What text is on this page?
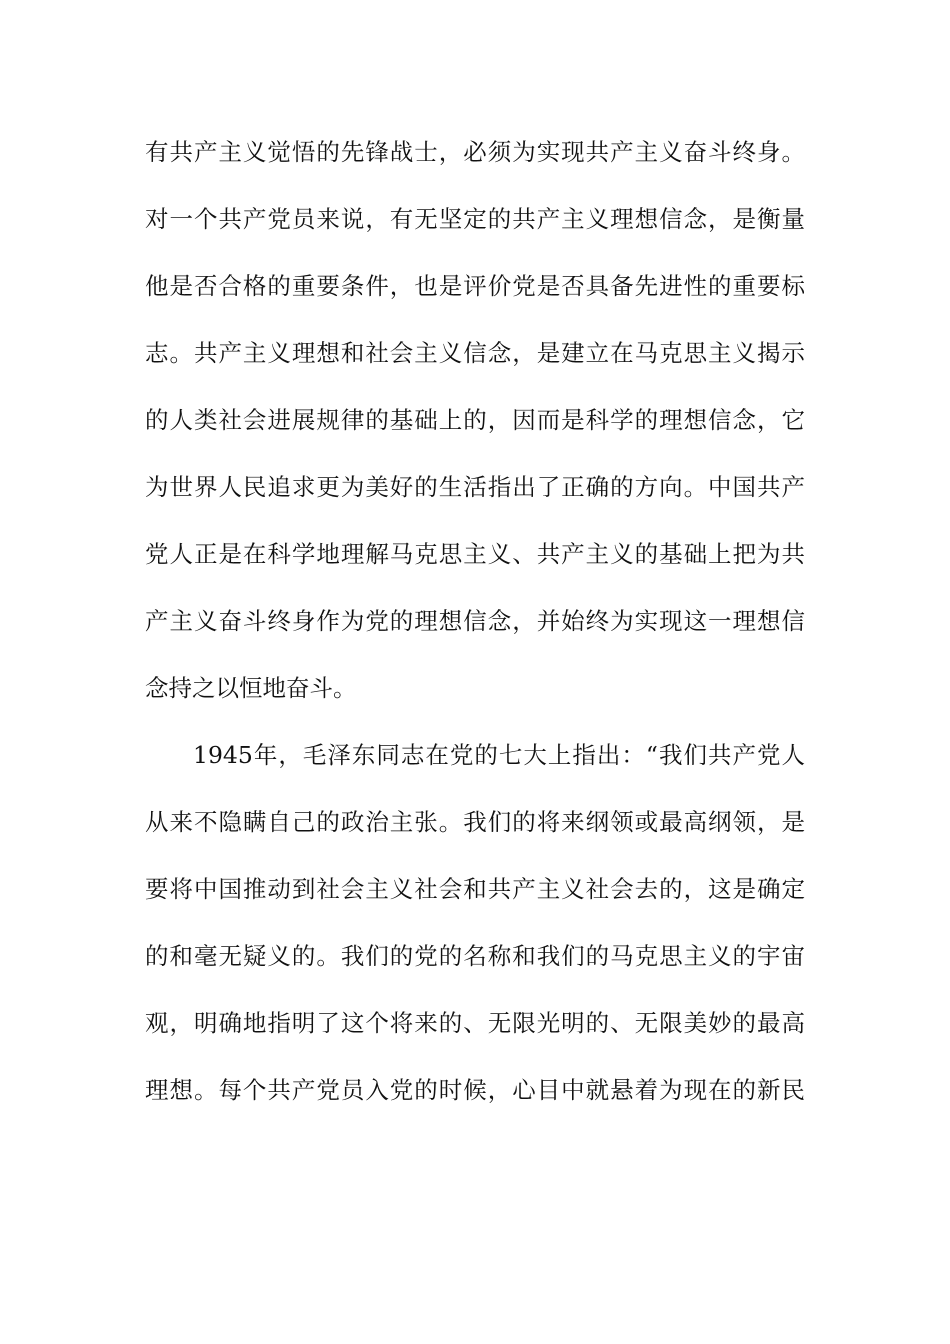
有共产主义觉悟的先锋战士，必须为实现共产主义奋斗终身。
对一个共产党员来说，有无坚定的共产主义理想信念，是衡量
他是否合格的重要条件，也是评价党是否具备先进性的重要标
志。共产主义理想和社会主义信念，是建立在马克思主义揭示
的人类社会进展规律的基础上的，因而是科学的理想信念，它
为世界人民追求更为美好的生活指出了正确的方向。中国共产
党人正是在科学地理解马克思主义、共产主义的基础上把为共
产主义奋斗终身作为党的理想信念，并始终为实现这一理想信
念持之以恒地奋斗。
1945年，毛泽东同志在党的七大上指出：“我们共产党人
从来不隐瞒自己的政治主张。我们的将来纲领或最高纲领，是
要将中国推动到社会主义社会和共产主义社会去的，这是确定
的和毫无疑义的。我们的党的名称和我们的马克思主义的宇宙
观，明确地指明了这个将来的、无限光明的、无限美妙的最高
理想。每个共产党员入党的时候，心目中就悬着为现在的新民
